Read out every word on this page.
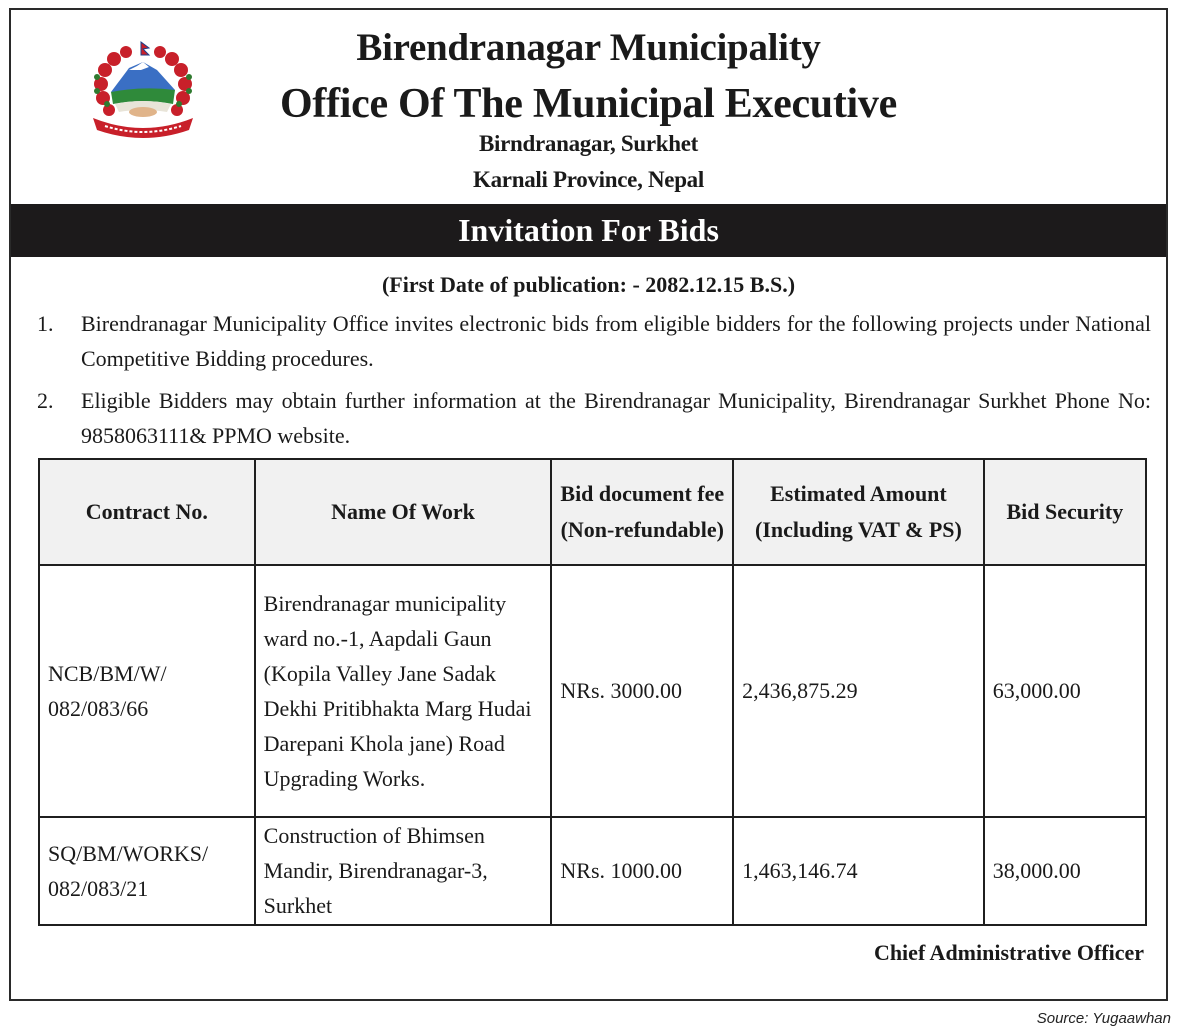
Birendranagar Municipality
Office Of The Municipal Executive
Birndranagar, Surkhet
Karnali Province, Nepal
Invitation For Bids
(First Date of publication: - 2082.12.15 B.S.)
1. Birendranagar Municipality Office invites electronic bids from eligible bidders for the following projects under National Competitive Bidding procedures.
2. Eligible Bidders may obtain further information at the Birendranagar Municipality, Birendranagar Surkhet Phone No: 9858063111& PPMO website.
Contract No.	Name Of Work	Bid document fee (Non-refundable)	Estimated Amount (Including VAT & PS)	Bid Security
NCB/BM/W/ 082/083/66	Birendranagar municipality ward no.-1, Aapdali Gaun (Kopila Valley Jane Sadak Dekhi Pritibhakta Marg Hudai Darepani Khola jane) Road Upgrading Works.	NRs. 3000.00	2,436,875.29	63,000.00
SQ/BM/WORKS/ 082/083/21	Construction of Bhimsen Mandir, Birendranagar-3, Surkhet	NRs. 1000.00	1,463,146.74	38,000.00
Chief Administrative Officer
Source: Yugaawhan
